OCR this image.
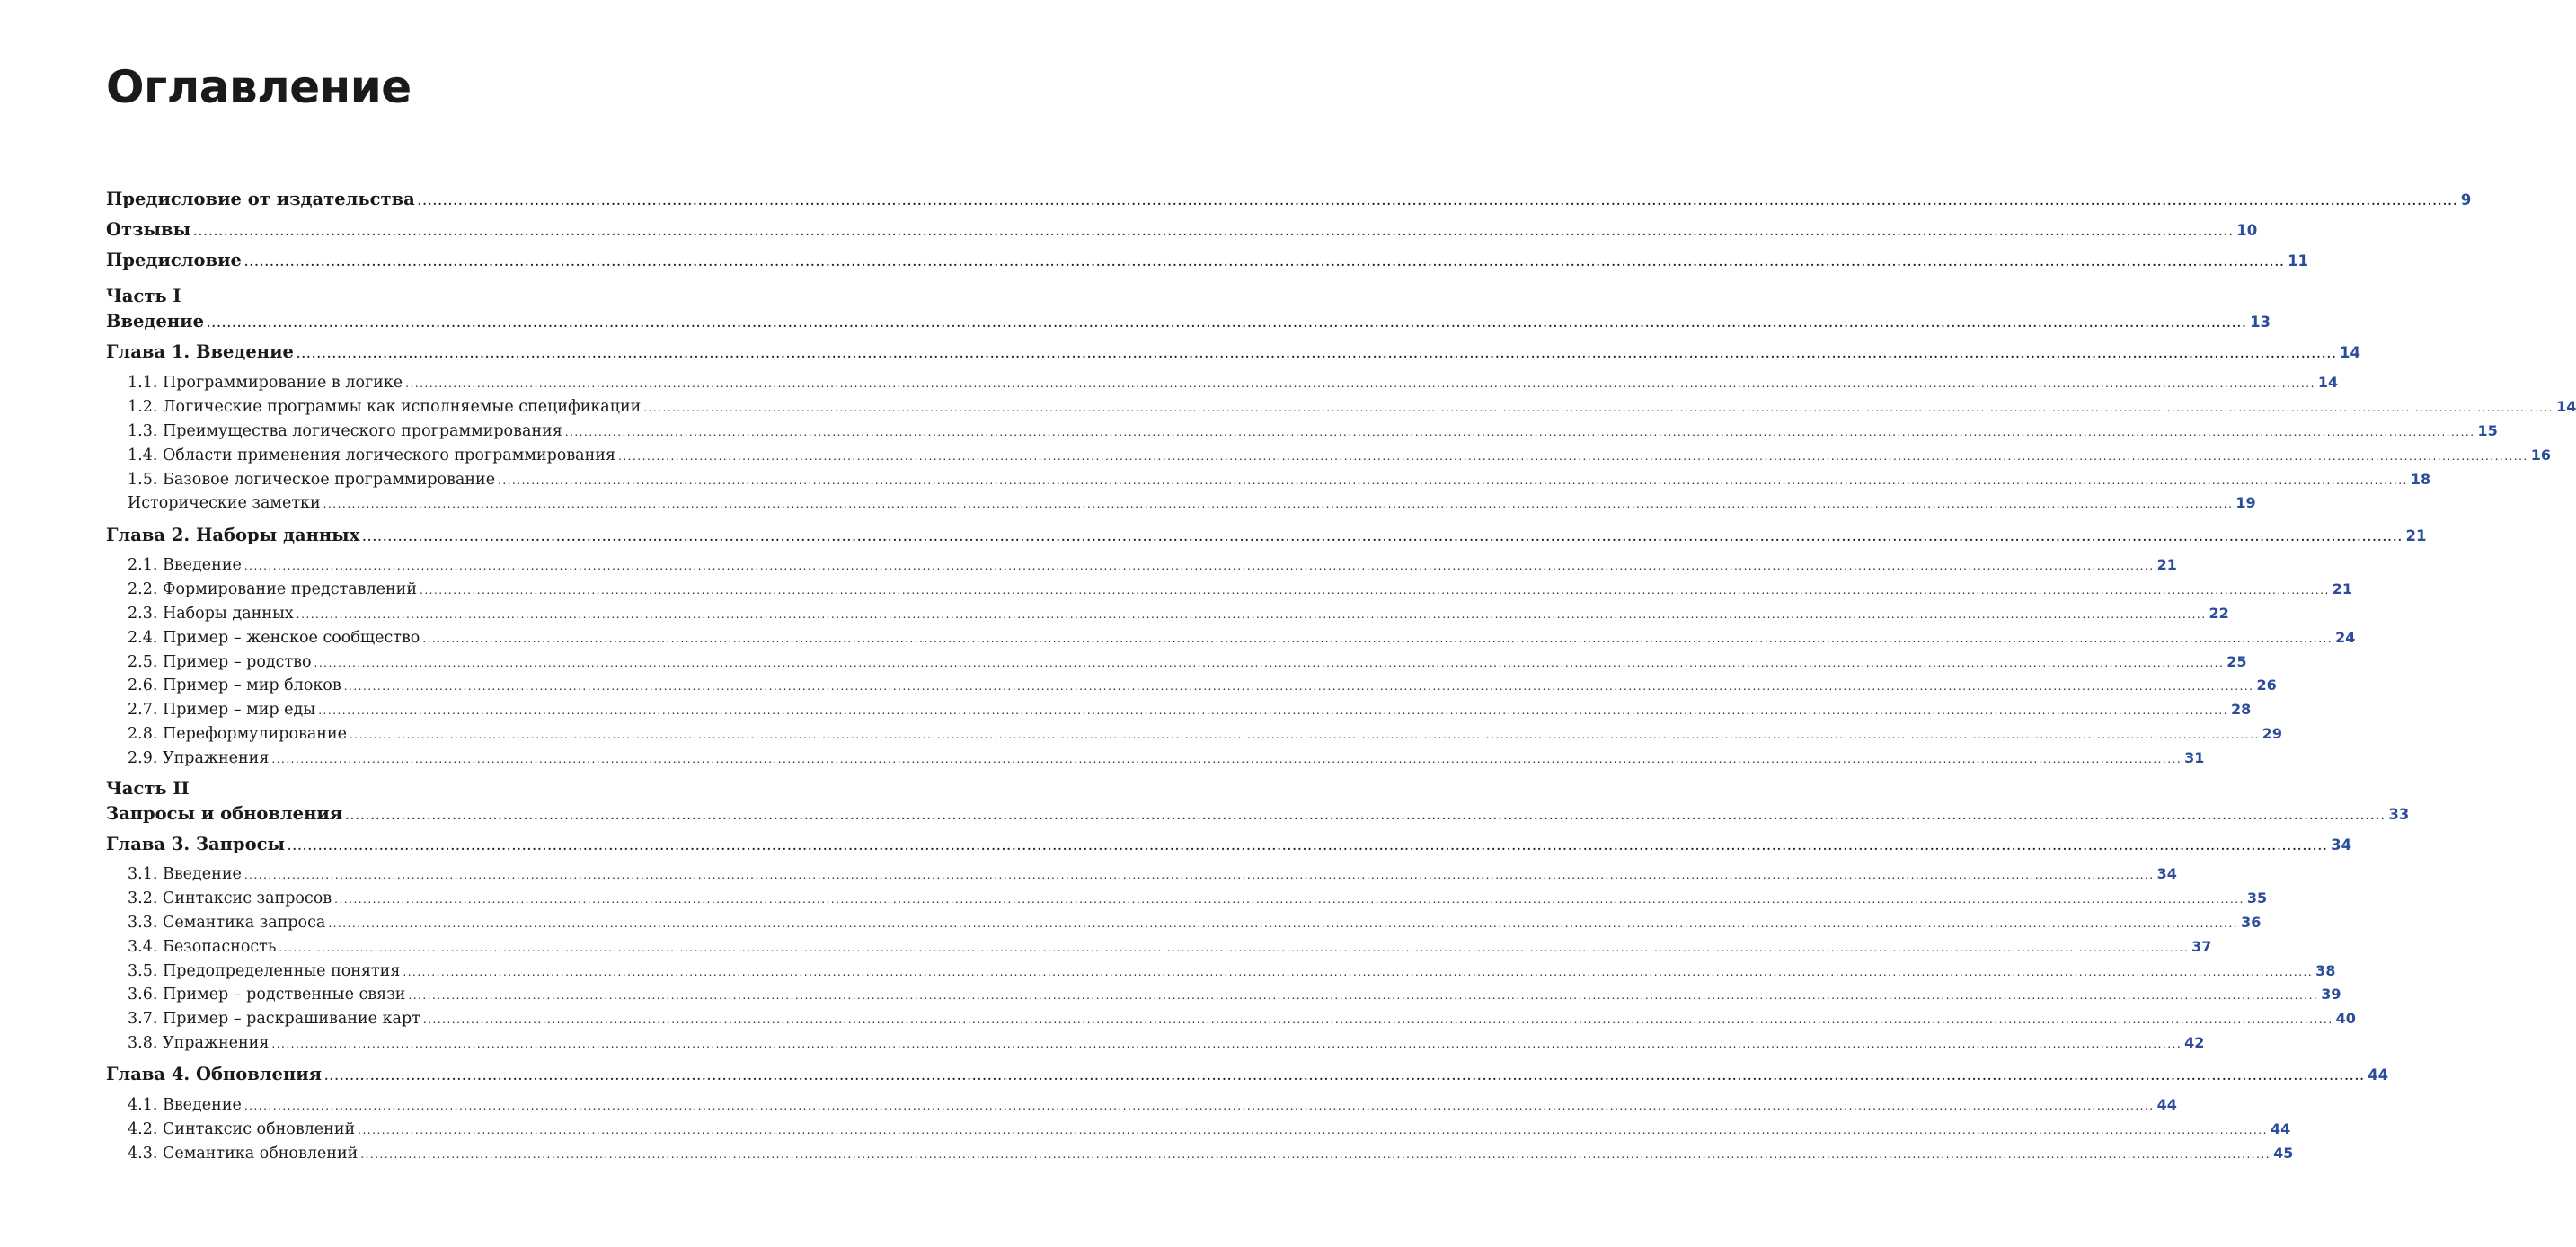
Оглавление
Предисловие от издательства ................................................................................................................................................................................................................................................................................................................................................................................................................ 9
Отзывы ................................................................................................................................................................................................................................................................................................................................................................................................................ 10
Предисловие ................................................................................................................................................................................................................................................................................................................................................................................................................ 11
Часть I
Введение ................................................................................................................................................................................................................................................................................................................................................................................................................ 13
Глава 1. Введение ................................................................................................................................................................................................................................................................................................................................................................................................................ 14
1.1. Программирование в логике ................................................................................................................................................................................................................................................................................................................................................................................................................ 14
1.2. Логические программы как исполняемые спецификации ................................................................................................................................................................................................................................................................................................................................................................................................................ 14
1.3. Преимущества логического программирования ................................................................................................................................................................................................................................................................................................................................................................................................................ 15
1.4. Области применения логического программирования ................................................................................................................................................................................................................................................................................................................................................................................................................ 16
1.5. Базовое логическое программирование ................................................................................................................................................................................................................................................................................................................................................................................................................ 18
Исторические заметки ................................................................................................................................................................................................................................................................................................................................................................................................................ 19
Глава 2. Наборы данных ................................................................................................................................................................................................................................................................................................................................................................................................................ 21
2.1. Введение ................................................................................................................................................................................................................................................................................................................................................................................................................ 21
2.2. Формирование представлений ................................................................................................................................................................................................................................................................................................................................................................................................................ 21
2.3. Наборы данных ................................................................................................................................................................................................................................................................................................................................................................................................................ 22
2.4. Пример – женское сообщество ................................................................................................................................................................................................................................................................................................................................................................................................................ 24
2.5. Пример – родство ................................................................................................................................................................................................................................................................................................................................................................................................................ 25
2.6. Пример – мир блоков ................................................................................................................................................................................................................................................................................................................................................................................................................ 26
2.7. Пример – мир еды ................................................................................................................................................................................................................................................................................................................................................................................................................ 28
2.8. Переформулирование ................................................................................................................................................................................................................................................................................................................................................................................................................ 29
2.9. Упражнения ................................................................................................................................................................................................................................................................................................................................................................................................................ 31
Часть II
Запросы и обновления ................................................................................................................................................................................................................................................................................................................................................................................................................ 33
Глава 3. Запросы ................................................................................................................................................................................................................................................................................................................................................................................................................ 34
3.1. Введение ................................................................................................................................................................................................................................................................................................................................................................................................................ 34
3.2. Синтаксис запросов ................................................................................................................................................................................................................................................................................................................................................................................................................ 35
3.3. Семантика запроса ................................................................................................................................................................................................................................................................................................................................................................................................................ 36
3.4. Безопасность ................................................................................................................................................................................................................................................................................................................................................................................................................ 37
3.5. Предопределенные понятия ................................................................................................................................................................................................................................................................................................................................................................................................................ 38
3.6. Пример – родственные связи ................................................................................................................................................................................................................................................................................................................................................................................................................ 39
3.7. Пример – раскрашивание карт ................................................................................................................................................................................................................................................................................................................................................................................................................ 40
3.8. Упражнения ................................................................................................................................................................................................................................................................................................................................................................................................................ 42
Глава 4. Обновления ................................................................................................................................................................................................................................................................................................................................................................................................................ 44
4.1. Введение ................................................................................................................................................................................................................................................................................................................................................................................................................ 44
4.2. Синтаксис обновлений ................................................................................................................................................................................................................................................................................................................................................................................................................ 44
4.3. Семантика обновлений ................................................................................................................................................................................................................................................................................................................................................................................................................ 45
